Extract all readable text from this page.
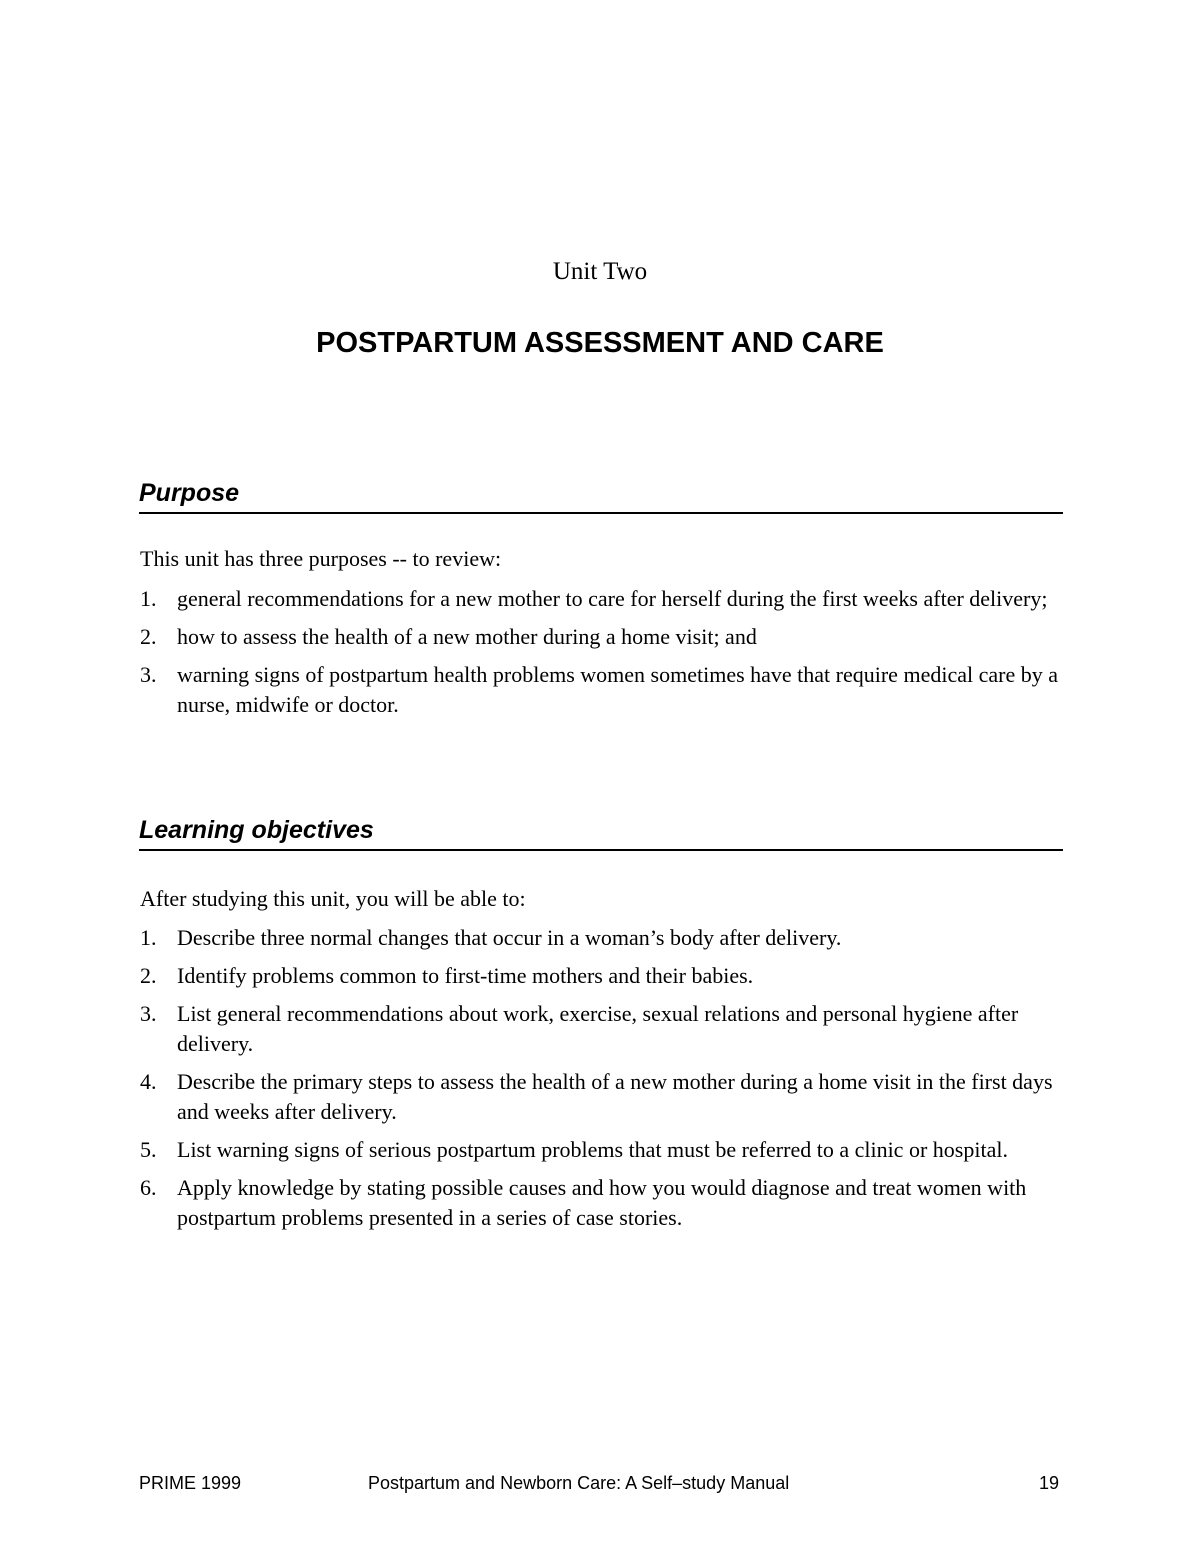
Unit Two
POSTPARTUM ASSESSMENT AND CARE
Purpose

This unit has three purposes -- to review:

1. general recommendations for a new mother to care for herself during the first weeks after delivery;
2. how to assess the health of a new mother during a home visit; and
3. warning signs of postpartum health problems women sometimes have that require medical care by a nurse, midwife or doctor.
Learning objectives

After studying this unit, you will be able to:

1. Describe three normal changes that occur in a woman’s body after delivery.
2. Identify problems common to first-time mothers and their babies.
3. List general recommendations about work, exercise, sexual relations and personal hygiene after delivery.
4. Describe the primary steps to assess the health of a new mother during a home visit in the first days and weeks after delivery.
5. List warning signs of serious postpartum problems that must be referred to a clinic or hospital.
6. Apply knowledge by stating possible causes and how you would diagnose and treat women with postpartum problems presented in a series of case stories.
PRIME 1999	Postpartum and Newborn Care: A Self–study Manual	19
